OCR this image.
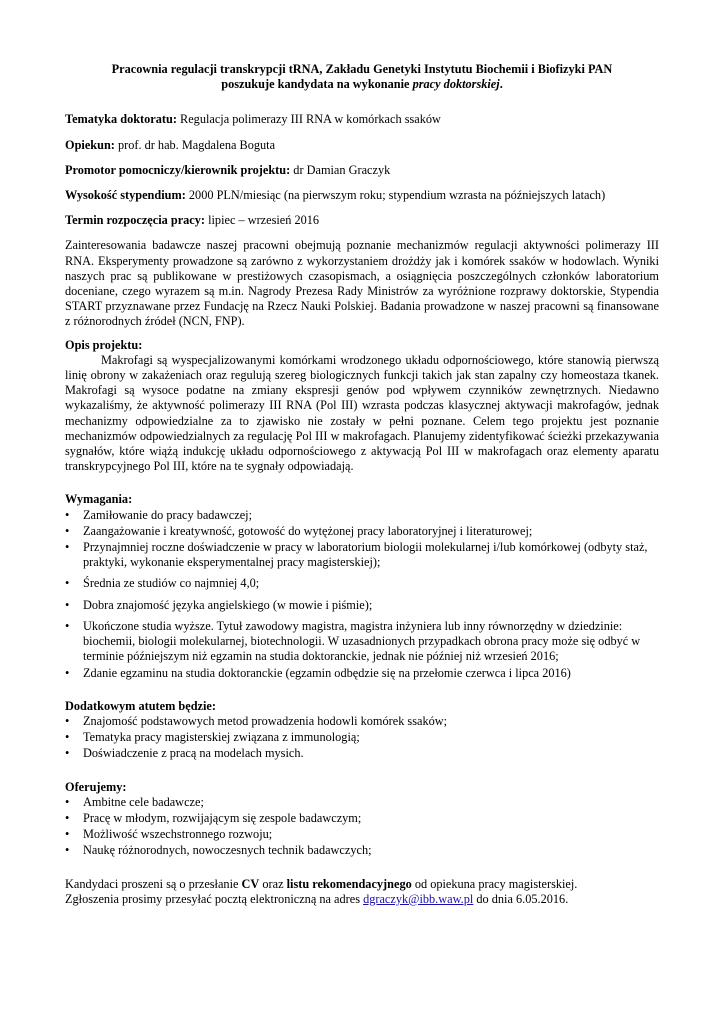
Pracownia regulacji transkrypcji tRNA, Zakładu Genetyki Instytutu Biochemii i Biofizyki PAN
poszukuje kandydata na wykonanie pracy doktorskiej.
Tematyka doktoratu: Regulacja polimerazy III RNA w komórkach ssaków
Opiekun: prof. dr hab. Magdalena Boguta
Promotor pomocniczy/kierownik projektu: dr Damian Graczyk
Wysokość stypendium: 2000 PLN/miesiąc (na pierwszym roku; stypendium wzrasta na późniejszych latach)
Termin rozpoczęcia pracy: lipiec – wrzesień 2016
Zainteresowania badawcze naszej pracowni obejmują poznanie mechanizmów regulacji aktywności polimerazy III RNA. Eksperymenty prowadzone są zarówno z wykorzystaniem drożdży jak i komórek ssaków w hodowlach. Wyniki naszych prac są publikowane w prestiżowych czasopismach, a osiągnięcia poszczególnych członków laboratorium doceniane, czego wyrazem są m.in. Nagrody Prezesa Rady Ministrów za wyróżnione rozprawy doktorskie, Stypendia START przyznawane przez Fundację na Rzecz Nauki Polskiej. Badania prowadzone w naszej pracowni są finansowane z różnorodnych źródeł (NCN, FNP).
Opis projektu:
Makrofagi są wyspecjalizowanymi komórkami wrodzonego układu odpornościowego, które stanowią pierwszą linię obrony w zakażeniach oraz regulują szereg biologicznych funkcji takich jak stan zapalny czy homeostaza tkanek. Makrofagi są wysoce podatne na zmiany ekspresji genów pod wpływem czynników zewnętrznych. Niedawno wykazaliśmy, że aktywność polimerazy III RNA (Pol III) wzrasta podczas klasycznej aktywacji makrofagów, jednak mechanizmy odpowiedzialne za to zjawisko nie zostały w pełni poznane. Celem tego projektu jest poznanie mechanizmów odpowiedzialnych za regulację Pol III w makrofagach. Planujemy zidentyfikować ścieżki przekazywania sygnałów, które wiążą indukcję układu odpornościowego z aktywacją Pol III w makrofagach oraz elementy aparatu transkrypcyjnego Pol III, które na te sygnały odpowiadają.
Wymagania:
• Zamiłowanie do pracy badawczej;
• Zaangażowanie i kreatywność, gotowość do wytężonej pracy laboratoryjnej i literaturowej;
• Przynajmniej roczne doświadczenie w pracy w laboratorium biologii molekularnej i/lub komórkowej (odbyty staż, praktyki, wykonanie eksperymentalnej pracy magisterskiej);
• Średnia ze studiów co najmniej 4,0;
• Dobra znajomość języka angielskiego (w mowie i piśmie);
• Ukończone studia wyższe. Tytuł zawodowy magistra, magistra inżyniera lub inny równorzędny w dziedzinie: biochemii, biologii molekularnej, biotechnologii. W uzasadnionych przypadkach obrona pracy może się odbyć w terminie późniejszym niż egzamin na studia doktoranckie, jednak nie później niż wrzesień 2016;
• Zdanie egzaminu na studia doktoranckie (egzamin odbędzie się na przełomie czerwca i lipca 2016)
Dodatkowym atutem będzie:
• Znajomość podstawowych metod prowadzenia hodowli komórek ssaków;
• Tematyka pracy magisterskiej związana z immunologią;
• Doświadczenie z pracą na modelach mysich.
Oferujemy:
• Ambitne cele badawcze;
• Pracę w młodym, rozwijającym się zespole badawczym;
• Możliwość wszechstronnego rozwoju;
• Naukę różnorodnych, nowoczesnych technik badawczych;
Kandydaci proszeni są o przesłanie CV oraz listu rekomendacyjnego od opiekuna pracy magisterskiej.
Zgłoszenia prosimy przesyłać pocztą elektroniczną na adres dgraczyk@ibb.waw.pl do dnia 6.05.2016.
